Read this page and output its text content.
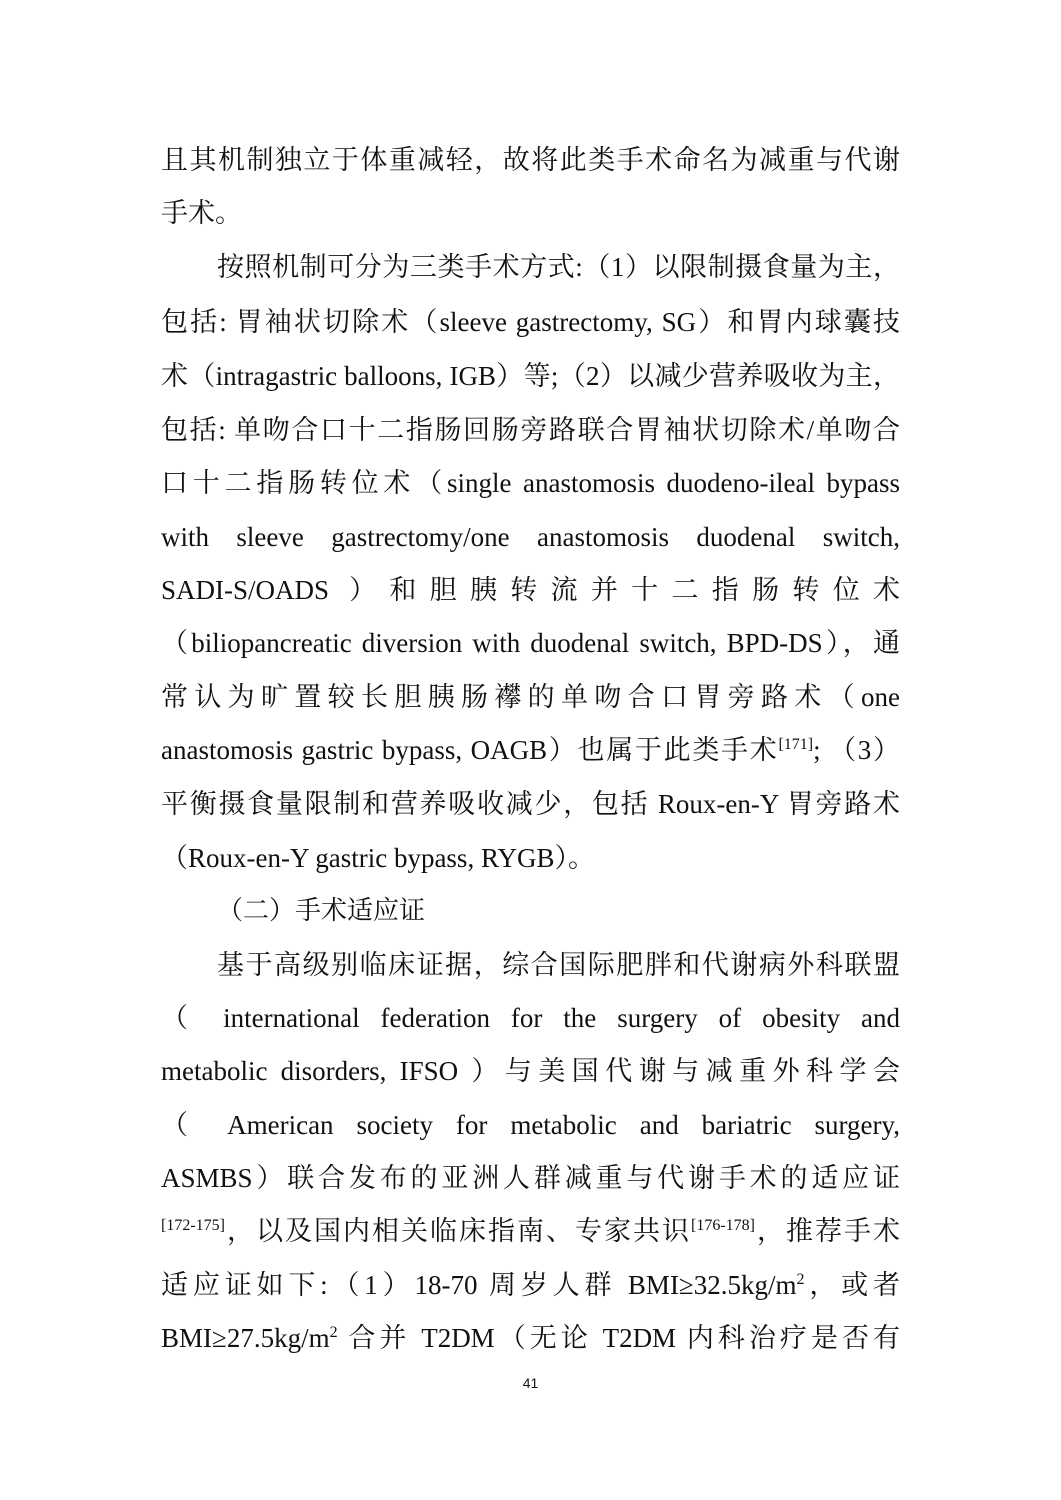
且其机制独立于体重减轻，故将此类手术命名为减重与代谢
手术。
按照机制可分为三类手术方式:（1）以限制摄食量为主，
包括: 胃袖状切除术（sleeve gastrectomy, SG）和胃内球囊技
术（intragastric balloons, IGB）等;（2）以减少营养吸收为主，
包括: 单吻合口十二指肠回肠旁路联合胃袖状切除术/单吻合
口十二指肠转位术（single anastomosis duodeno-ileal bypass
with sleeve gastrectomy/one anastomosis duodenal switch,
SADI-S/OADS ）和胆胰转流并十二指肠转位术
（biliopancreatic diversion with duodenal switch, BPD-DS），通
常认为旷置较长胆胰肠襻的单吻合口胃旁路术（one
anastomosis gastric bypass, OAGB）也属于此类手术[171]; （3）
平衡摄食量限制和营养吸收减少，包括 Roux-en-Y 胃旁路术
（Roux-en-Y gastric bypass, RYGB）。
（二）手术适应证
基于高级别临床证据，综合国际肥胖和代谢病外科联盟
（ international federation for the surgery of obesity and
metabolic disorders, IFSO ）与美国代谢与减重外科学会
（ American society for metabolic and bariatric surgery,
ASMBS）联合发布的亚洲人群减重与代谢手术的适应证
[172-175]，以及国内相关临床指南、专家共识[176-178]，推荐手术
适应证如下:（1）18-70 周岁人群 $BMI\ge 32.5kg/m^2$，或者
$BMI\ge 27.5kg/m^2$ 合并 T2DM（无论 T2DM 内科治疗是否有
41
